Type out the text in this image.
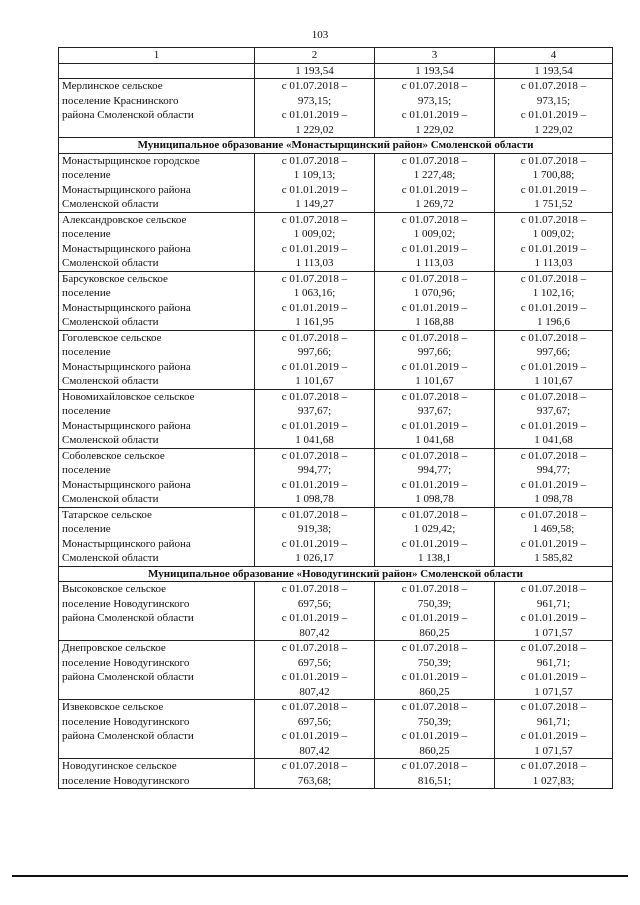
103
1	2	3	4
	1 193,54	1 193,54	1 193,54

Мерлинское сельское
поселение Краснинского
района Смоленской области	с 01.07.2018 –
973,15;
с 01.01.2019 –
1 229,02	с 01.07.2018 –
973,15;
с 01.01.2019 –
1 229,02	с 01.07.2018 –
973,15;
с 01.01.2019 –
1 229,02

Муниципальное образование «Монастырщинский район» Смоленской области			

Монастырщинское городское
поселение
Монастырщинского района
Смоленской области	с 01.07.2018 –
1 109,13;
с 01.01.2019 –
1 149,27	с 01.07.2018 –
1 227,48;
с 01.01.2019 –
1 269,72	с 01.07.2018 –
1 700,88;
с 01.01.2019 –
1 751,52

Александровское сельское
поселение
Монастырщинского района
Смоленской области	с 01.07.2018 –
1 009,02;
с 01.01.2019 –
1 113,03	с 01.07.2018 –
1 009,02;
с 01.01.2019 –
1 113,03	с 01.07.2018 –
1 009,02;
с 01.01.2019 –
1 113,03

Барсуковское сельское
поселение
Монастырщинского района
Смоленской области	с 01.07.2018 –
1 063,16;
с 01.01.2019 –
1 161,95	с 01.07.2018 –
1 070,96;
с 01.01.2019 –
1 168,88	с 01.07.2018 –
1 102,16;
с 01.01.2019 –
1 196,6

Гоголевское сельское
поселение
Монастырщинского района
Смоленской области	с 01.07.2018 –
997,66;
с 01.01.2019 –
1 101,67	с 01.07.2018 –
997,66;
с 01.01.2019 –
1 101,67	с 01.07.2018 –
997,66;
с 01.01.2019 –
1 101,67

Новомихайловское сельское
поселение
Монастырщинского района
Смоленской области	с 01.07.2018 –
937,67;
с 01.01.2019 –
1 041,68	с 01.07.2018 –
937,67;
с 01.01.2019 –
1 041,68	с 01.07.2018 –
937,67;
с 01.01.2019 –
1 041,68

Соболевское сельское
поселение
Монастырщинского района
Смоленской области	с 01.07.2018 –
994,77;
с 01.01.2019 –
1 098,78	с 01.07.2018 –
994,77;
с 01.01.2019 –
1 098,78	с 01.07.2018 –
994,77;
с 01.01.2019 –
1 098,78

Татарское сельское
поселение
Монастырщинского района
Смоленской области	с 01.07.2018 –
919,38;
с 01.01.2019 –
1 026,17	с 01.07.2018 –
1 029,42;
с 01.01.2019 –
1 138,1	с 01.07.2018 –
1 469,58;
с 01.01.2019 –
1 585,82

Муниципальное образование «Новодугинский район» Смоленской области			

Высоковское сельское
поселение Новодугинского
района Смоленской области	с 01.07.2018 –
697,56;
с 01.01.2019 –
807,42	с 01.07.2018 –
750,39;
с 01.01.2019 –
860,25	с 01.07.2018 –
961,71;
с 01.01.2019 –
1 071,57

Днепровское сельское
поселение Новодугинского
района Смоленской области	с 01.07.2018 –
697,56;
с 01.01.2019 –
807,42	с 01.07.2018 –
750,39;
с 01.01.2019 –
860,25	с 01.07.2018 –
961,71;
с 01.01.2019 –
1 071,57

Извековское сельское
поселение Новодугинского
района Смоленской области	с 01.07.2018 –
697,56;
с 01.01.2019 –
807,42	с 01.07.2018 –
750,39;
с 01.01.2019 –
860,25	с 01.07.2018 –
961,71;
с 01.01.2019 –
1 071,57

Новодугинское сельское
поселение Новодугинского	с 01.07.2018 –
763,68;	с 01.07.2018 –
816,51;	с 01.07.2018 –
1 027,83;
